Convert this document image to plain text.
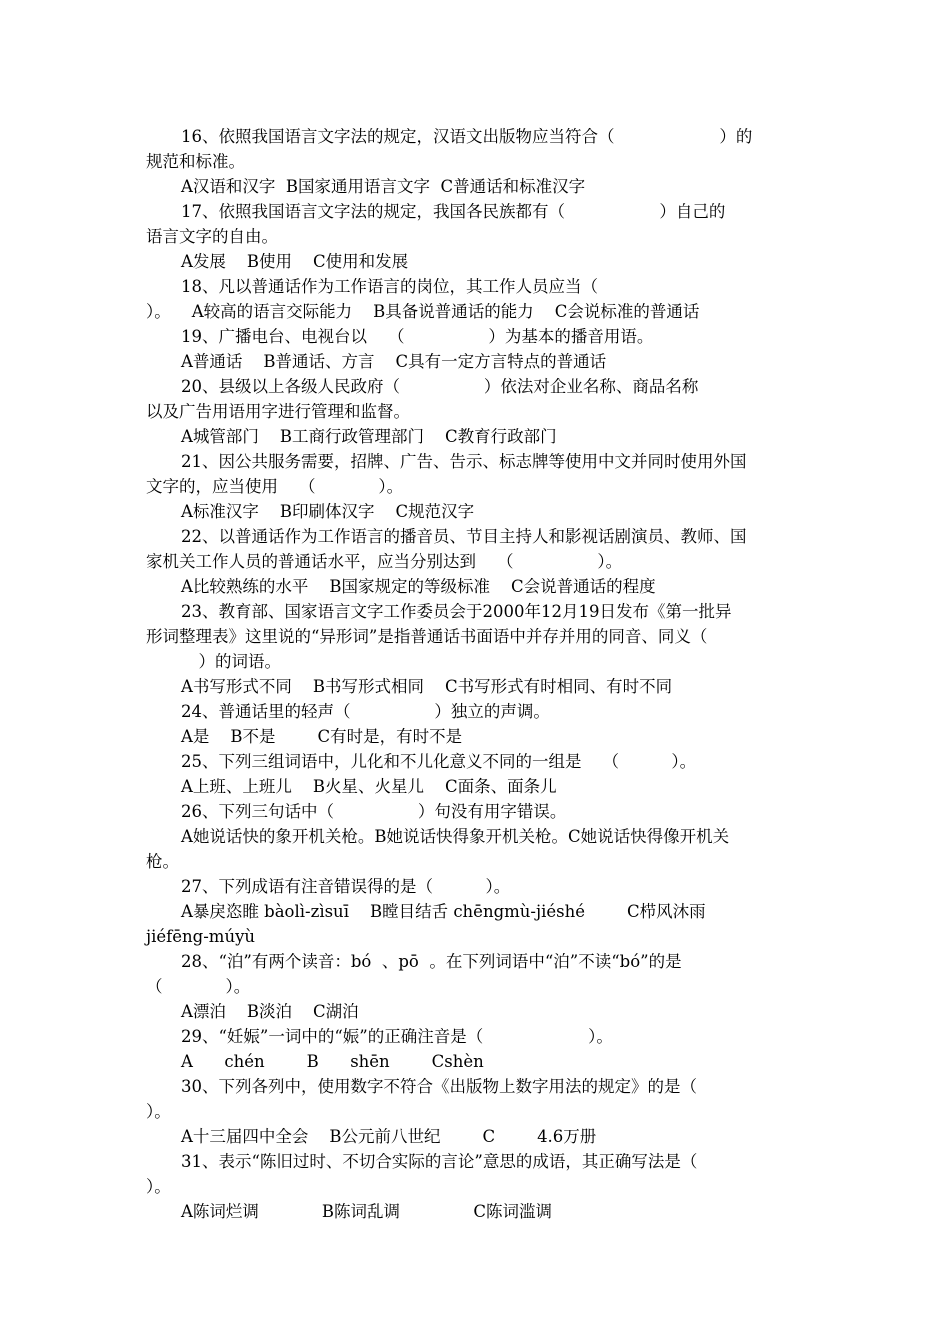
16、依照我国语言文字法的规定，汉语文出版物应当符合（                    ）的
规范和标准。
A汉语和汉字  B国家通用语言文字  C普通话和标准汉字
17、依照我国语言文字法的规定，我国各民族都有（                  ）自己的
语言文字的自由。
A发展    B使用    C使用和发展
18、凡以普通话作为工作语言的岗位，其工作人员应当（
）。    A较高的语言交际能力    B具备说普通话的能力    C会说标准的普通话
19、广播电台、电视台以    （                ）为基本的播音用语。
A普通话    B普通话、方言    C具有一定方言特点的普通话
20、县级以上各级人民政府（                ）依法对企业名称、商品名称
以及广告用语用字进行管理和监督。
A城管部门    B工商行政管理部门    C教育行政部门
21、因公共服务需要，招牌、广告、告示、标志牌等使用中文并同时使用外国
文字的，应当使用    （            ）。
A标准汉字    B印刷体汉字    C规范汉字
22、以普通话作为工作语言的播音员、节目主持人和影视话剧演员、教师、国
家机关工作人员的普通话水平，应当分别达到    （                ）。
A比较熟练的水平    B国家规定的等级标准    C会说普通话的程度
23、教育部、国家语言文字工作委员会于2000年12月19日发布《第一批异
形词整理表》这里说的“异形词”是指普通话书面语中并存并用的同音、同义（
）的词语。
A书写形式不同    B书写形式相同    C书写形式有时相同、有时不同
24、普通话里的轻声（                ）独立的声调。
A是    B不是        C有时是，有时不是
25、下列三组词语中，儿化和不儿化意义不同的一组是    （          ）。
A上班、上班儿    B火星、火星儿    C面条、面条儿
26、下列三句话中（                ）句没有用字错误。
A她说话快的象开机关枪。B她说话快得象开机关枪。C她说话快得像开机关
枪。
27、下列成语有注音错误得的是（          ）。
A暴戾恣睢 bàolì-zìsuī    B瞠目结舌 chēngmù-jiéshé        C栉风沐雨
jiéfēng-múyù
28、“泊”有两个读音：bó  、pō  。在下列词语中“泊”不读“bó”的是
（            ）。
A漂泊    B淡泊    C湖泊
29、“妊娠”一词中的“娠”的正确注音是（                    ）。
A      chén        B      shēn        Cshèn
30、下列各列中，使用数字不符合《出版物上数字用法的规定》的是（
）。
A十三届四中全会    B公元前八世纪        C        4.6万册
31、表示“陈旧过时、不切合实际的言论”意思的成语，其正确写法是（
）。
A陈词烂调            B陈词乱调              C陈词滥调
